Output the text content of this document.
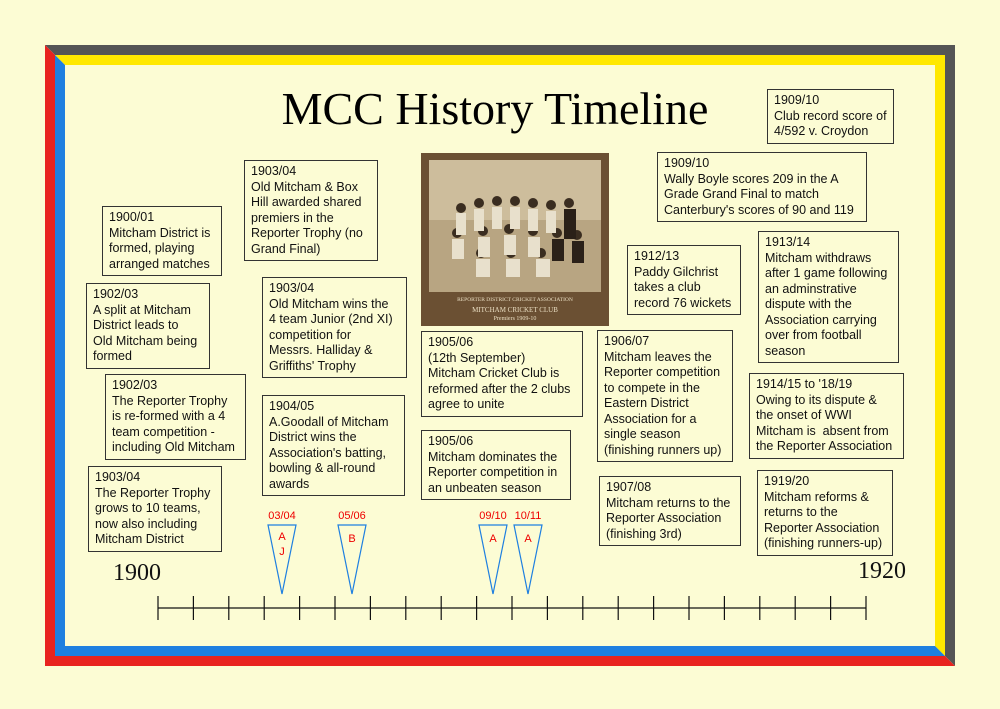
MCC History Timeline
1900/01
Mitcham District is
formed, playing
arranged matches
1902/03
A split at Mitcham
District leads to
Old Mitcham being
formed
1902/03
The Reporter Trophy
is re-formed with a 4
team competition -
including Old Mitcham
1903/04
The Reporter Trophy
grows to 10 teams,
now also including
Mitcham District
1903/04
Old Mitcham & Box
Hill awarded shared
premiers in the
Reporter Trophy (no
Grand Final)
1903/04
Old Mitcham wins the
4 team Junior (2nd XI)
competition for
Messrs. Halliday &
Griffiths' Trophy
1904/05
A.Goodall of Mitcham
District wins the
Association's batting,
bowling & all-round
awards
1905/06
(12th September)
Mitcham Cricket Club is
reformed after the 2 clubs
agree to unite
1905/06
Mitcham dominates the
Reporter competition in
an unbeaten season
REPORTER DISTRICT CRICKET ASSOCIATION
MITCHAM CRICKET CLUB
Premiers 1909-10
1909/10
Club record score of
4/592 v. Croydon
1909/10
Wally Boyle scores 209 in the A
Grade Grand Final to match
Canterbury's scores of 90 and 119
1912/13
Paddy Gilchrist
takes a club
record 76 wickets
1913/14
Mitcham withdraws
after 1 game following
an adminstrative
dispute with the
Association carrying
over from football
season
1906/07
Mitcham leaves the
Reporter competition
to compete in the
Eastern District
Association for a
single season
(finishing runners up)
1914/15 to '18/19
Owing to its dispute &
the onset of WWI
Mitcham is  absent from
the Reporter Association
1907/08
Mitcham returns to the
Reporter Association
(finishing 3rd)
1919/20
Mitcham reforms &
returns to the
Reporter Association
(finishing runners-up)
1900	1920
03/04
A
J
05/06
B
09/10
A
10/11
A
